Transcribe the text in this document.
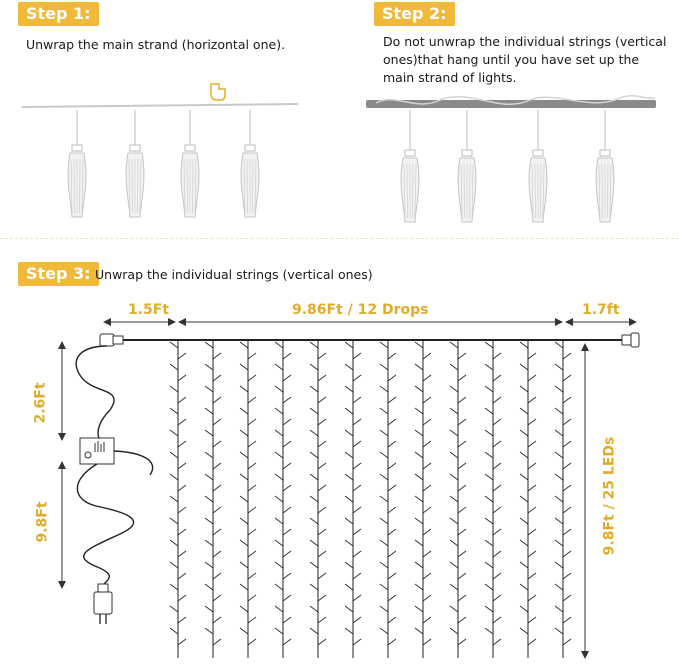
Step 1:
Unwrap the main strand (horizontal one).
Step 2:
Do not unwrap the individual strings (vertical ones)that hang until you have set up the main strand of lights.
Step 3: Unwrap the individual strings (vertical ones)
1.5Ft	9.86Ft / 12 Drops	1.7ft
2.6Ft
9.8Ft	9.8Ft / 25 LEDs
